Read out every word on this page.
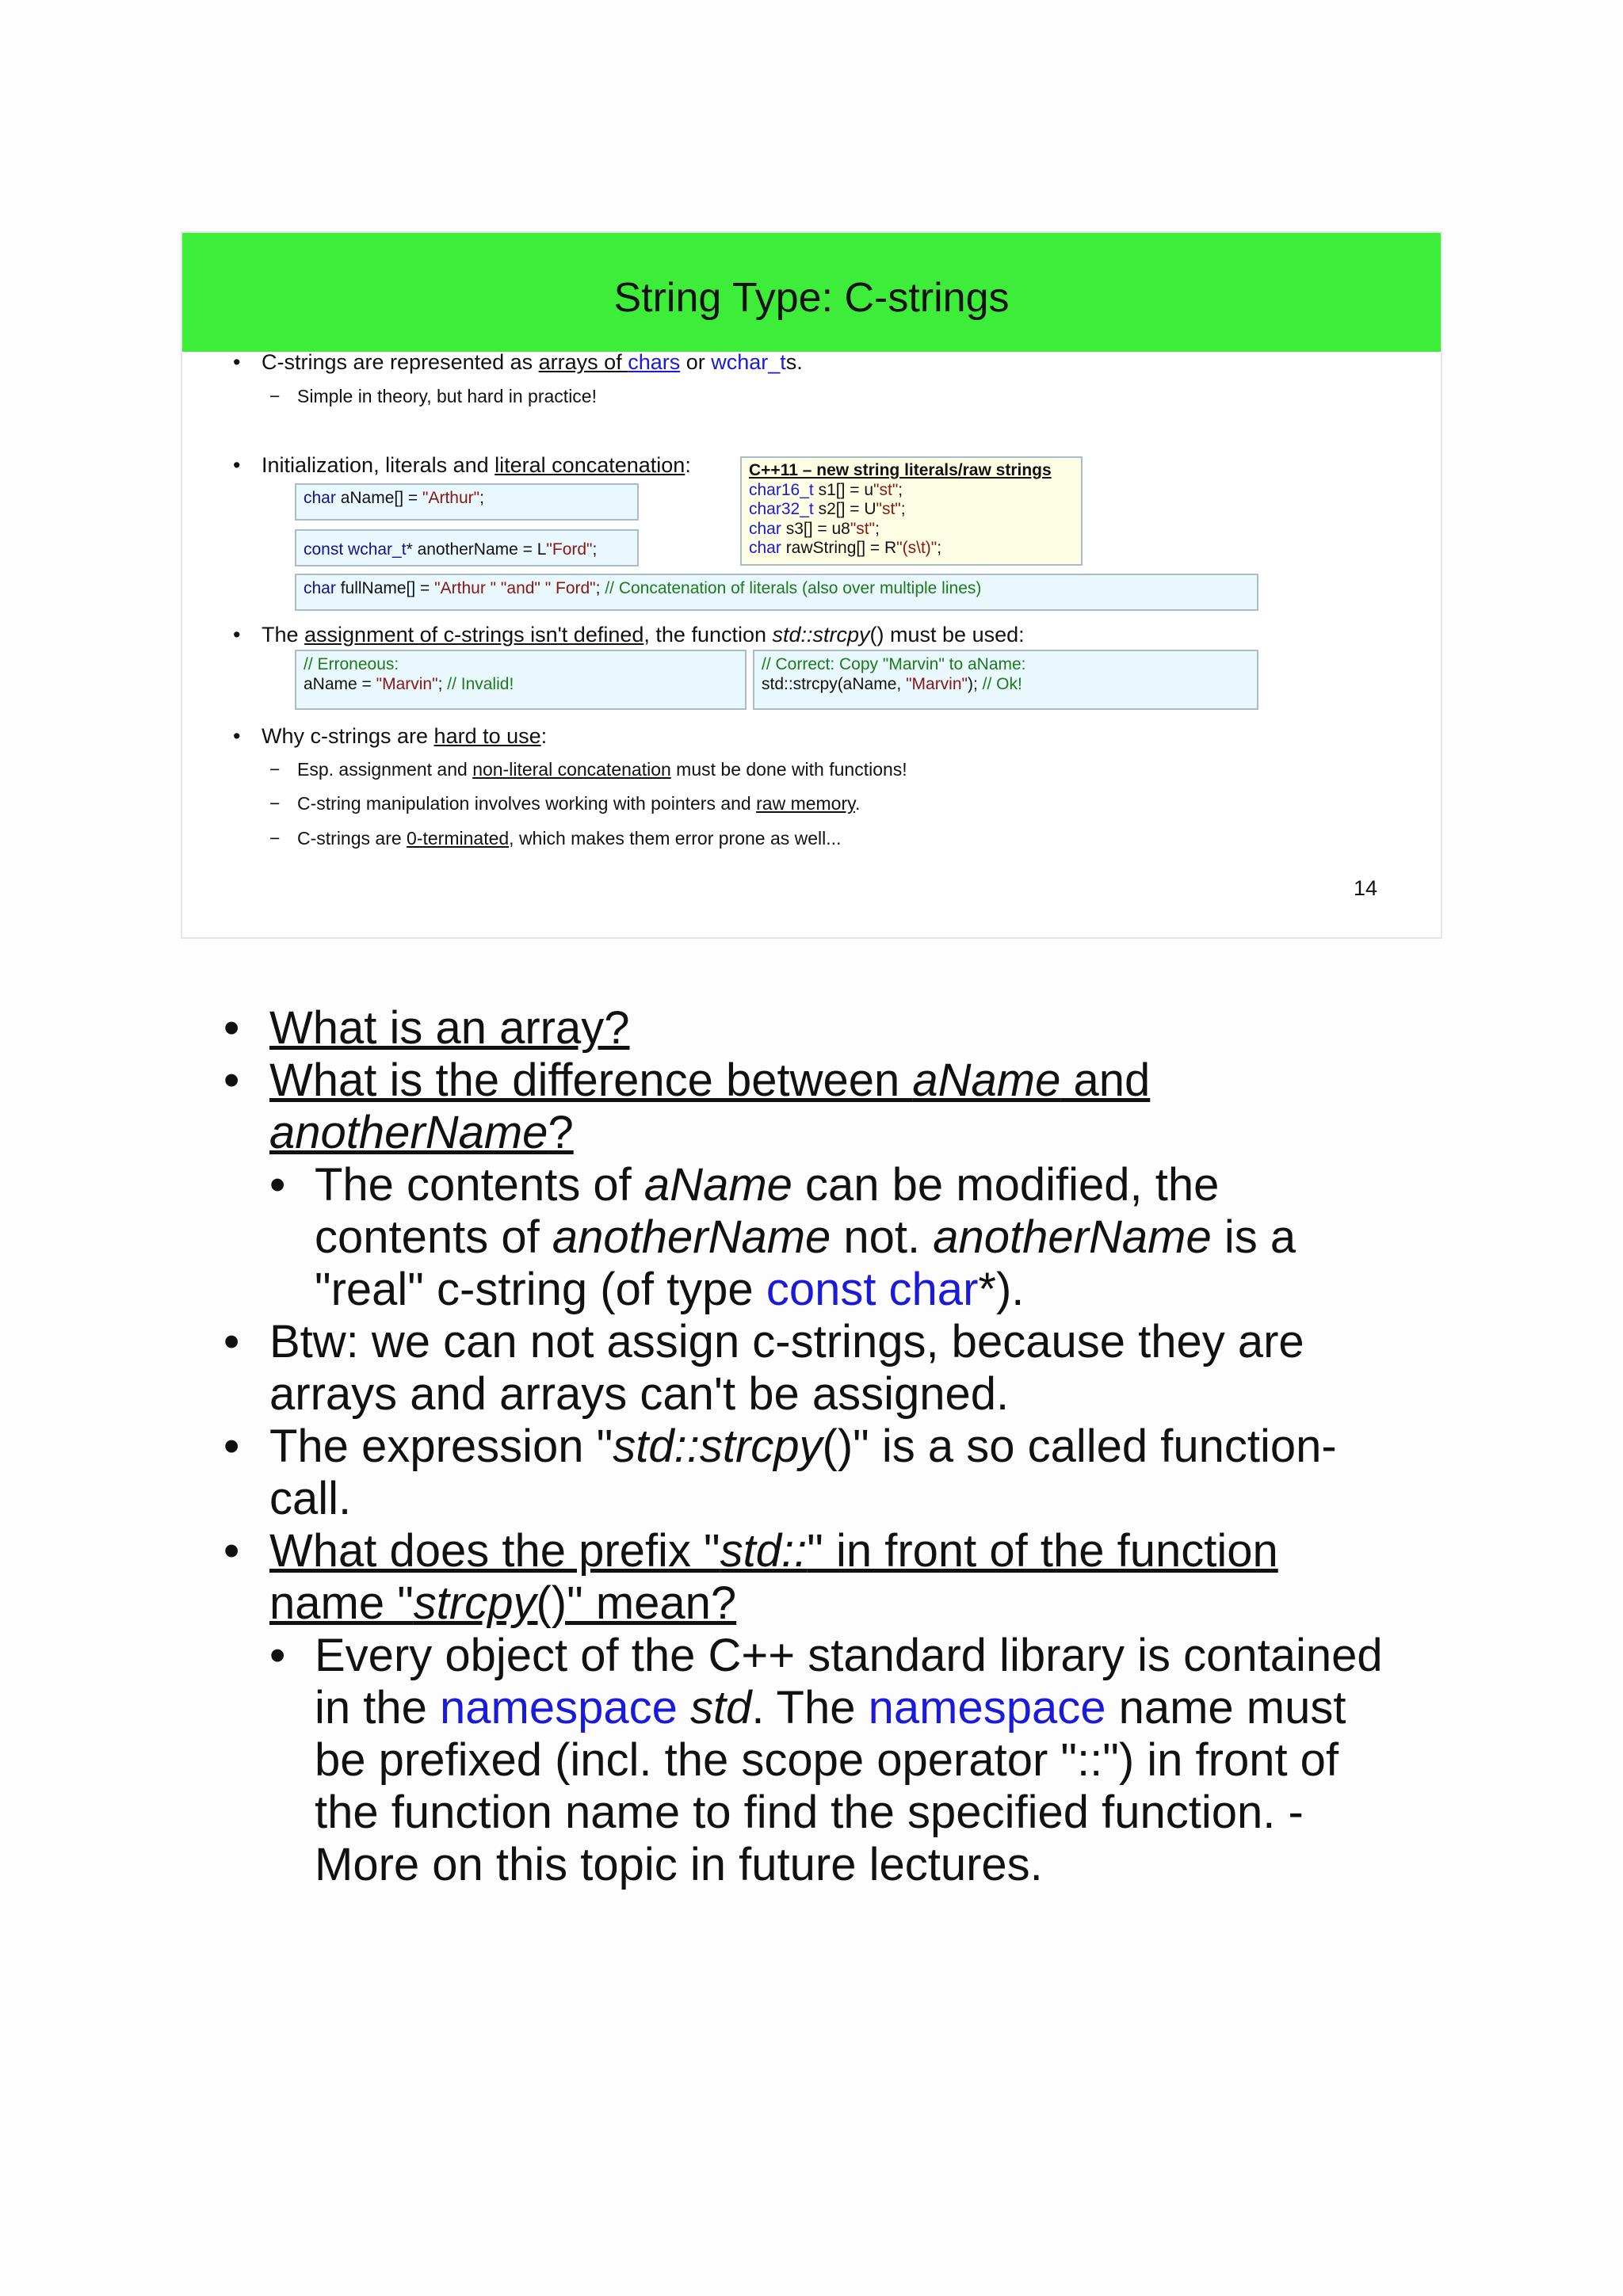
String Type: C-strings
• C-strings are represented as arrays of chars or wchar_ts.
− Simple in theory, but hard in practice!
• Initialization, literals and literal concatenation:
char aName[] = "Arthur";
const wchar_t* anotherName = L"Ford";
C++11 – new string literals/raw strings
char16_t s1[] = u"st";
char32_t s2[] = U"st";
char s3[] = u8"st";
char rawString[] = R"(s\t)";
char fullName[] = "Arthur " "and" " Ford"; // Concatenation of literals (also over multiple lines)
• The assignment of c-strings isn't defined, the function std::strcpy() must be used:
// Erroneous:
aName = "Marvin"; // Invalid!
// Correct: Copy "Marvin" to aName:
std::strcpy(aName, "Marvin"); // Ok!
• Why c-strings are hard to use:
− Esp. assignment and non-literal concatenation must be done with functions!
− C-string manipulation involves working with pointers and raw memory.
− C-strings are 0-terminated, which makes them error prone as well...
14
• What is an array?
• What is the difference between aName and
anotherName?
• The contents of aName can be modified, the
contents of anotherName not. anotherName is a
"real" c-string (of type const char*).
• Btw: we can not assign c-strings, because they are
arrays and arrays can't be assigned.
• The expression "std::strcpy()" is a so called function-
call.
• What does the prefix "std::" in front of the function
name "strcpy()" mean?
• Every object of the C++ standard library is contained
in the namespace std. The namespace name must
be prefixed (incl. the scope operator "::") in front of
the function name to find the specified function. -
More on this topic in future lectures.
